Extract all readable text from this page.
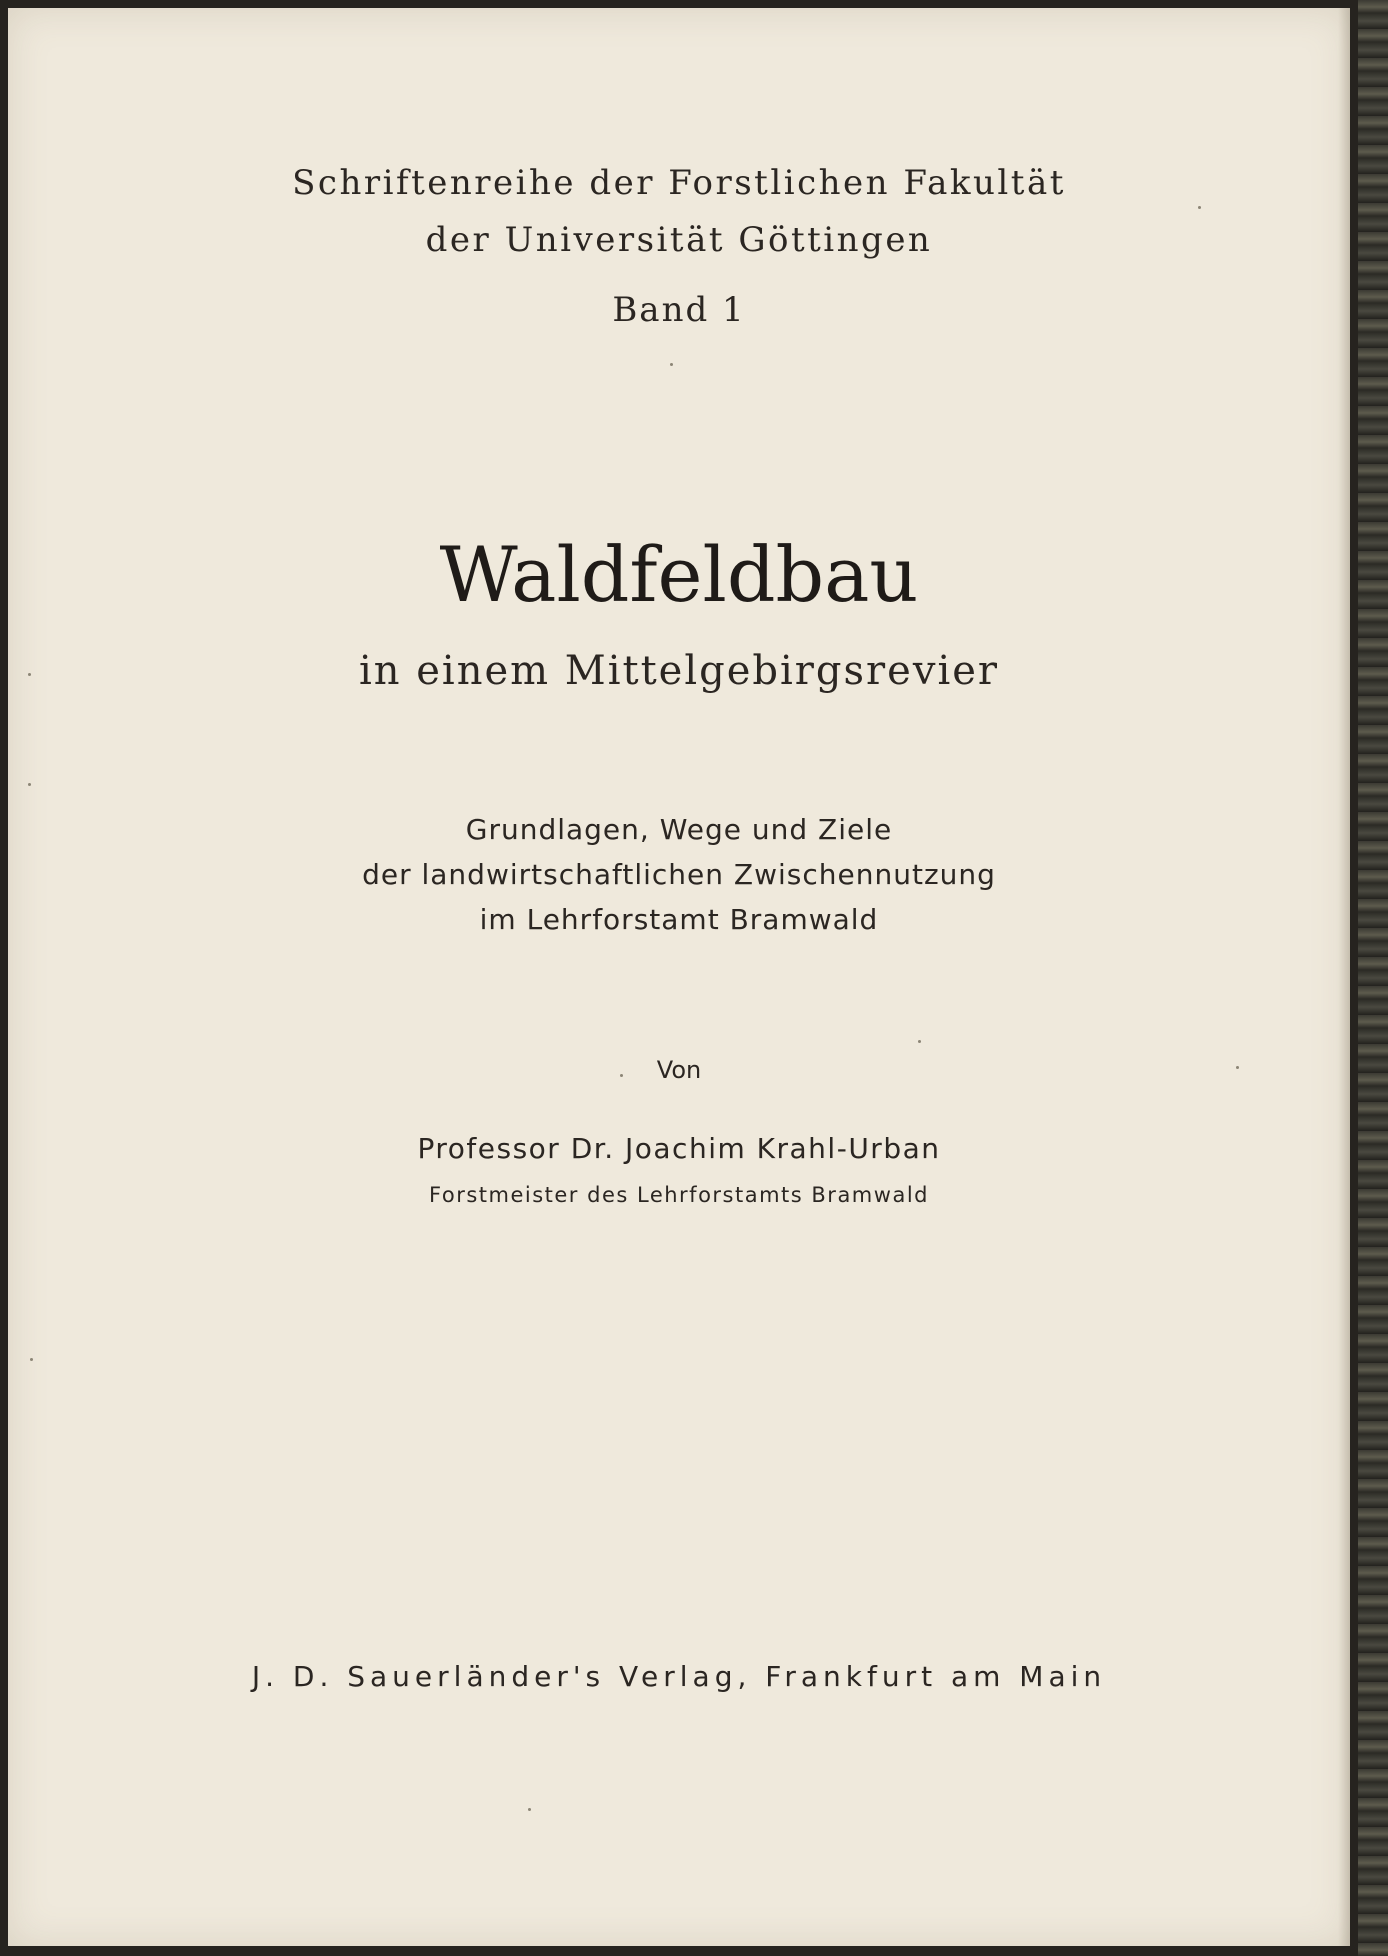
Schriftenreihe der Forstlichen Fakultät
der Universität Göttingen
Band 1
Waldfeldbau
in einem Mittelgebirgsrevier
Grundlagen, Wege und Ziele
der landwirtschaftlichen Zwischennutzung
im Lehrforstamt Bramwald
Von
Professor Dr. Joachim Krahl-Urban
Forstmeister des Lehrforstamts Bramwald
J. D. Sauerländer's Verlag, Frankfurt am Main
